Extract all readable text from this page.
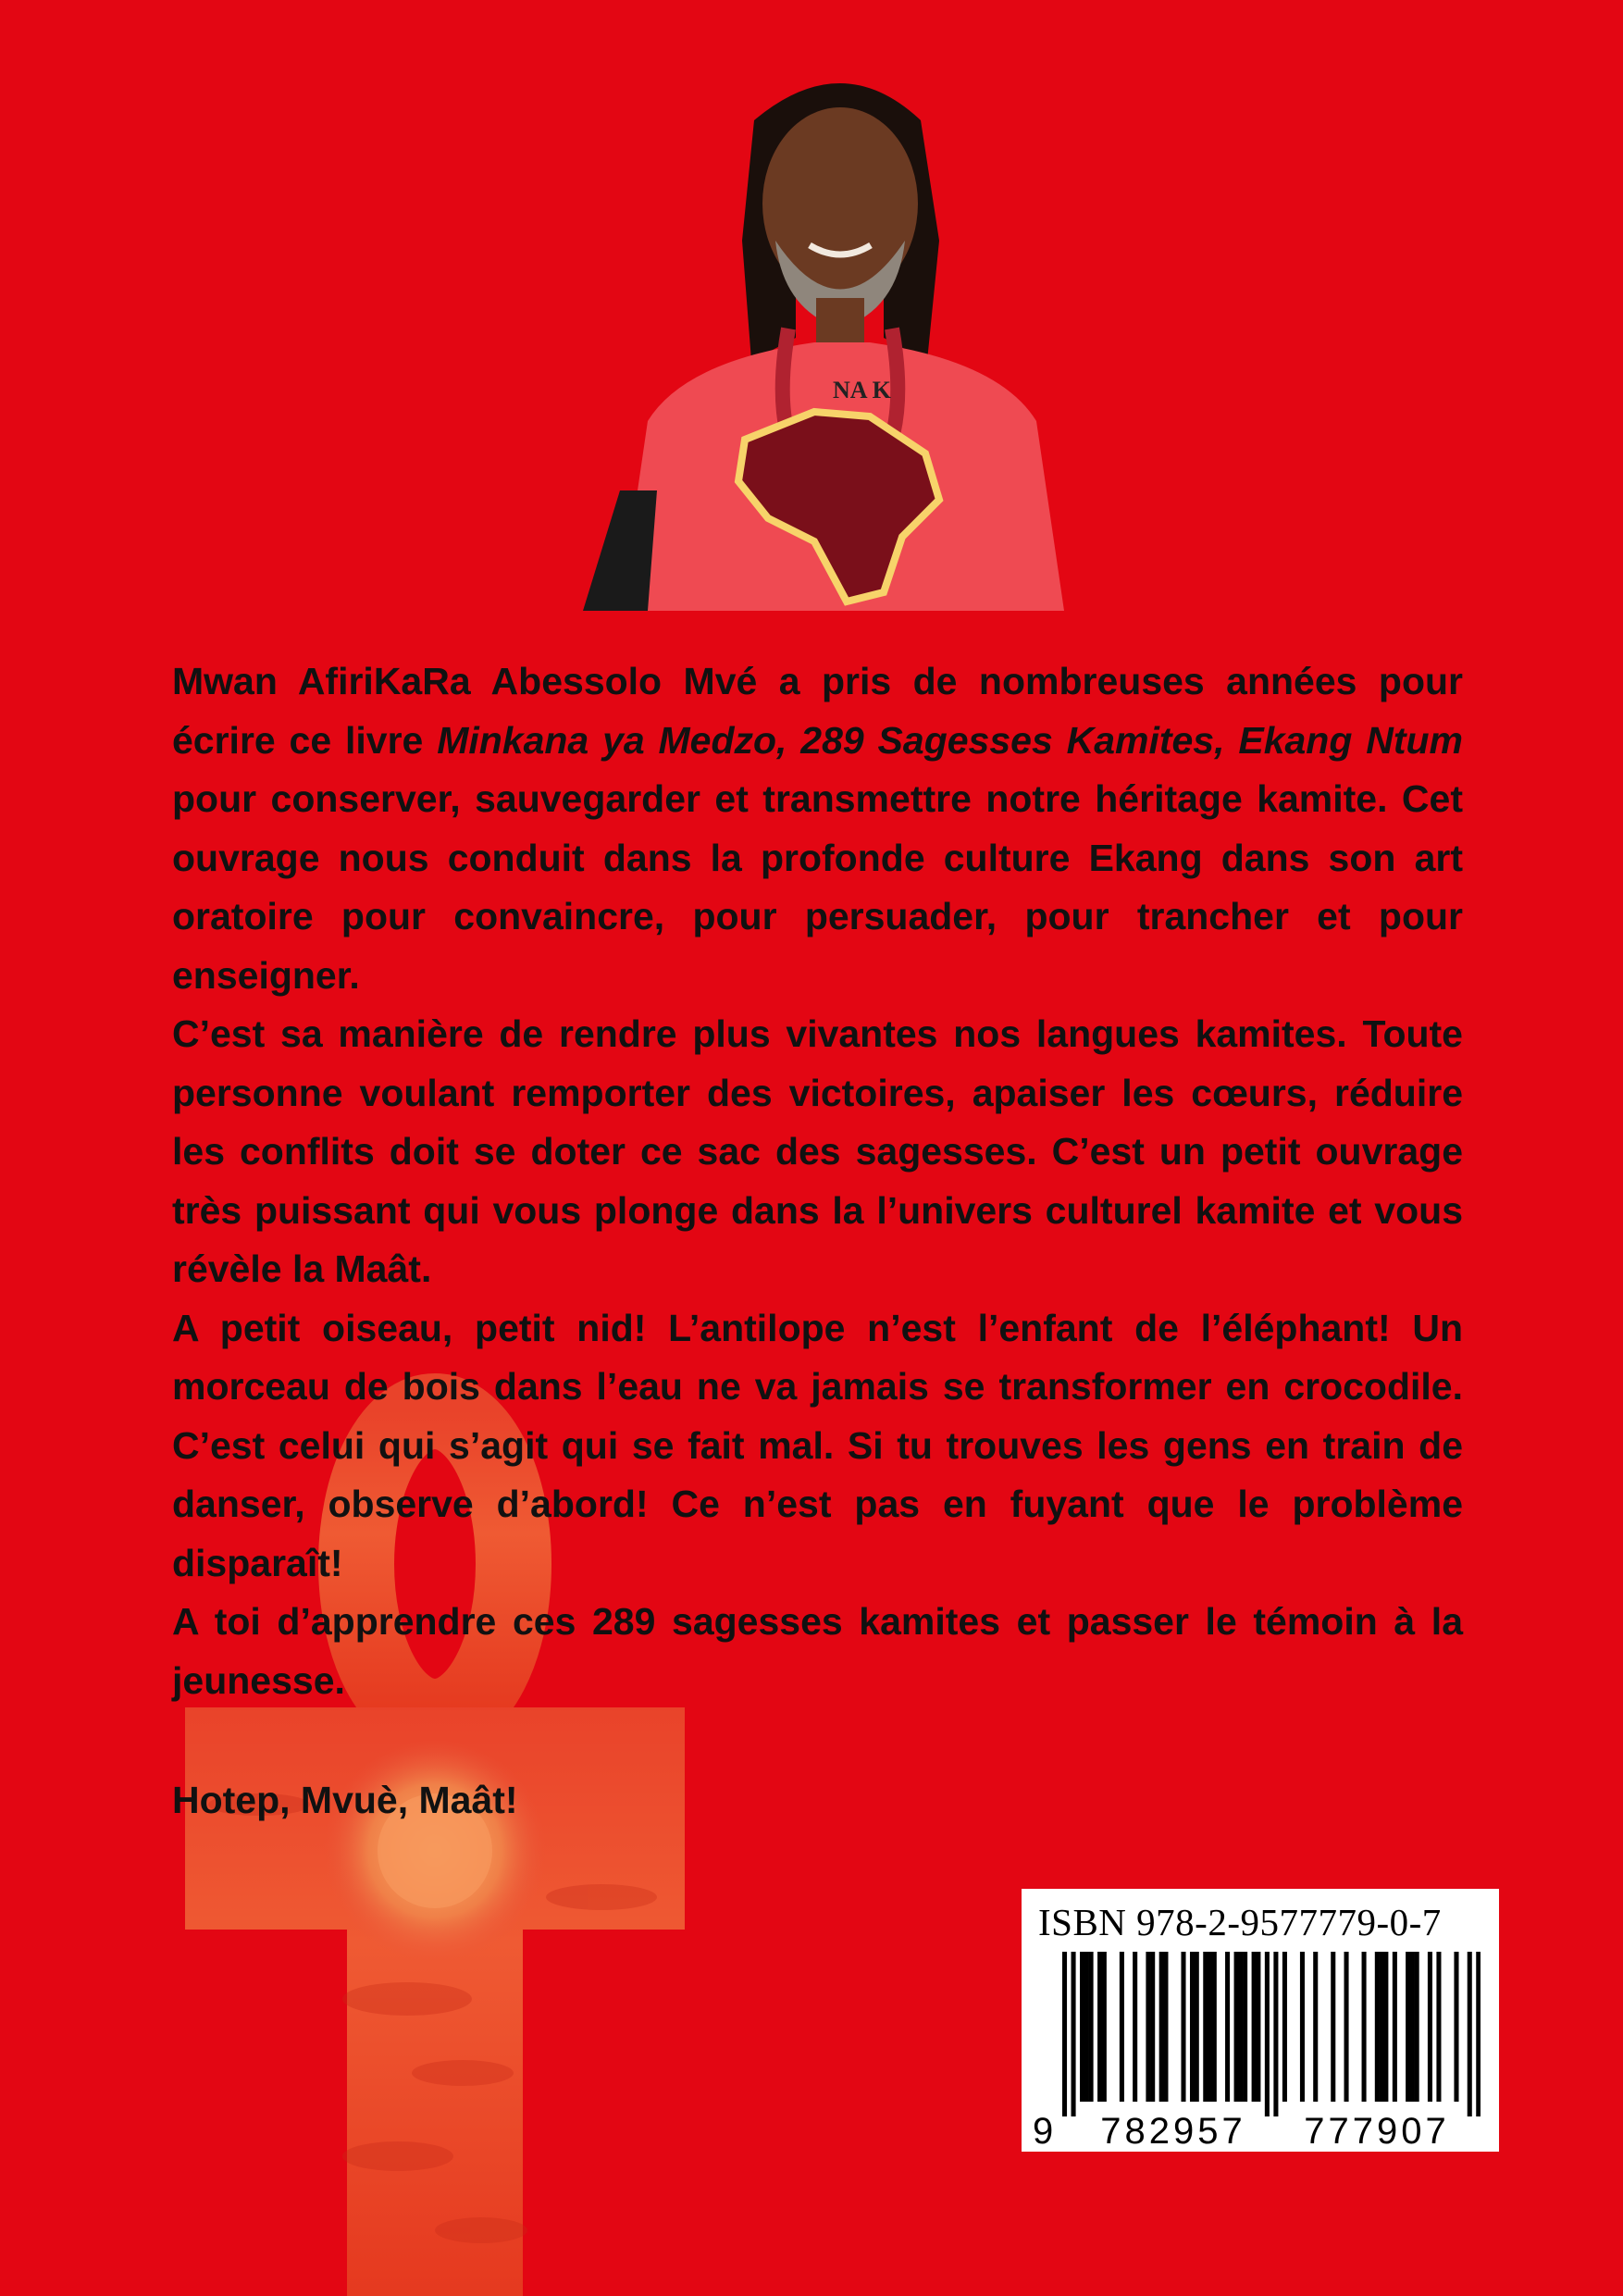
NA K

Mwan AfiriKaRa Abessolo Mvé a pris de nombreuses années pour écrire ce livre Minkana ya Medzo, 289 Sagesses Kamites, Ekang Ntum pour conserver, sauvegarder et transmettre notre héritage kamite. Cet ouvrage nous conduit dans la profonde culture Ekang dans son art oratoire pour convaincre, pour persuader, pour trancher et pour enseigner.

C’est sa manière de rendre plus vivantes nos langues kamites. Toute personne voulant remporter des victoires, apaiser les cœurs, réduire les conflits doit se doter ce sac des sagesses. C’est un petit ouvrage très puissant qui vous plonge dans la l’univers culturel kamite et vous révèle la Maât.

A petit oiseau, petit nid! L’antilope n’est l’enfant de l’éléphant! Un morceau de bois dans l’eau ne va jamais se transformer en crocodile. C’est celui qui s’agit qui se fait mal. Si tu trouves les gens en train de danser, observe d’abord! Ce n’est pas en fuyant que le problème disparaît!

A toi d’apprendre ces 289 sagesses kamites et passer le témoin à la jeunesse.

Hotep, Mvuè, Maât!
ISBN 978-2-9577779-0-7
9	782957	777907
